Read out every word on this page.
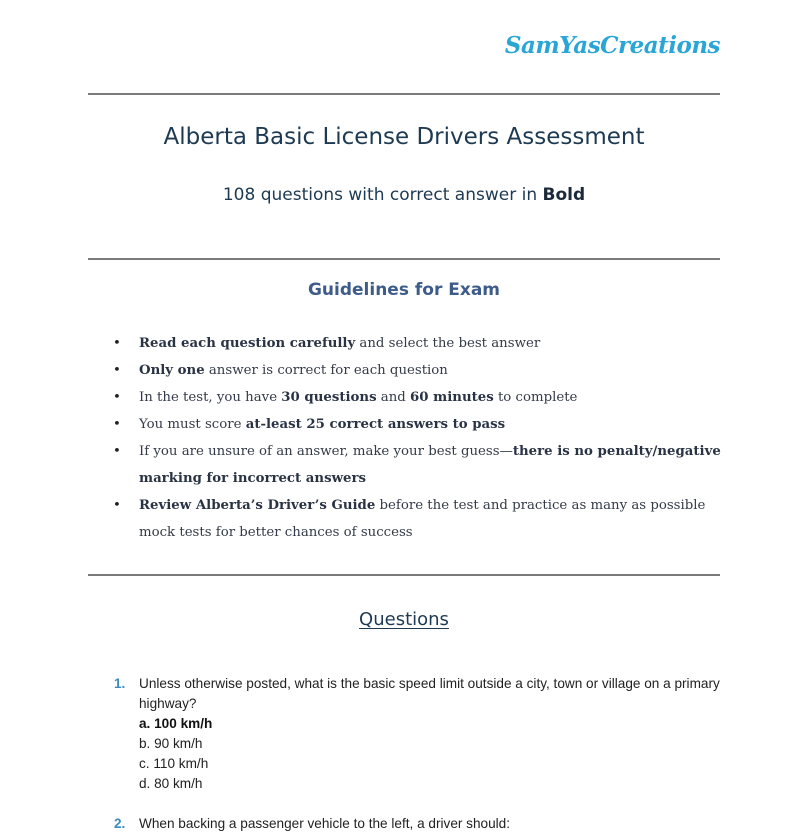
SamYasCreations
Alberta Basic License Drivers Assessment
108 questions with correct answer in Bold
Guidelines for Exam
• Read each question carefully and select the best answer
• Only one answer is correct for each question
• In the test, you have 30 questions and 60 minutes to complete
• You must score at-least 25 correct answers to pass
• If you are unsure of an answer, make your best guess—there is no penalty/negative marking for incorrect answers
• Review Alberta’s Driver’s Guide before the test and practice as many as possible mock tests for better chances of success
Questions
1. Unless otherwise posted, what is the basic speed limit outside a city, town or village on a primary highway?
a. 100 km/h
b. 90 km/h
c. 110 km/h
d. 80 km/h
2. When backing a passenger vehicle to the left, a driver should:
